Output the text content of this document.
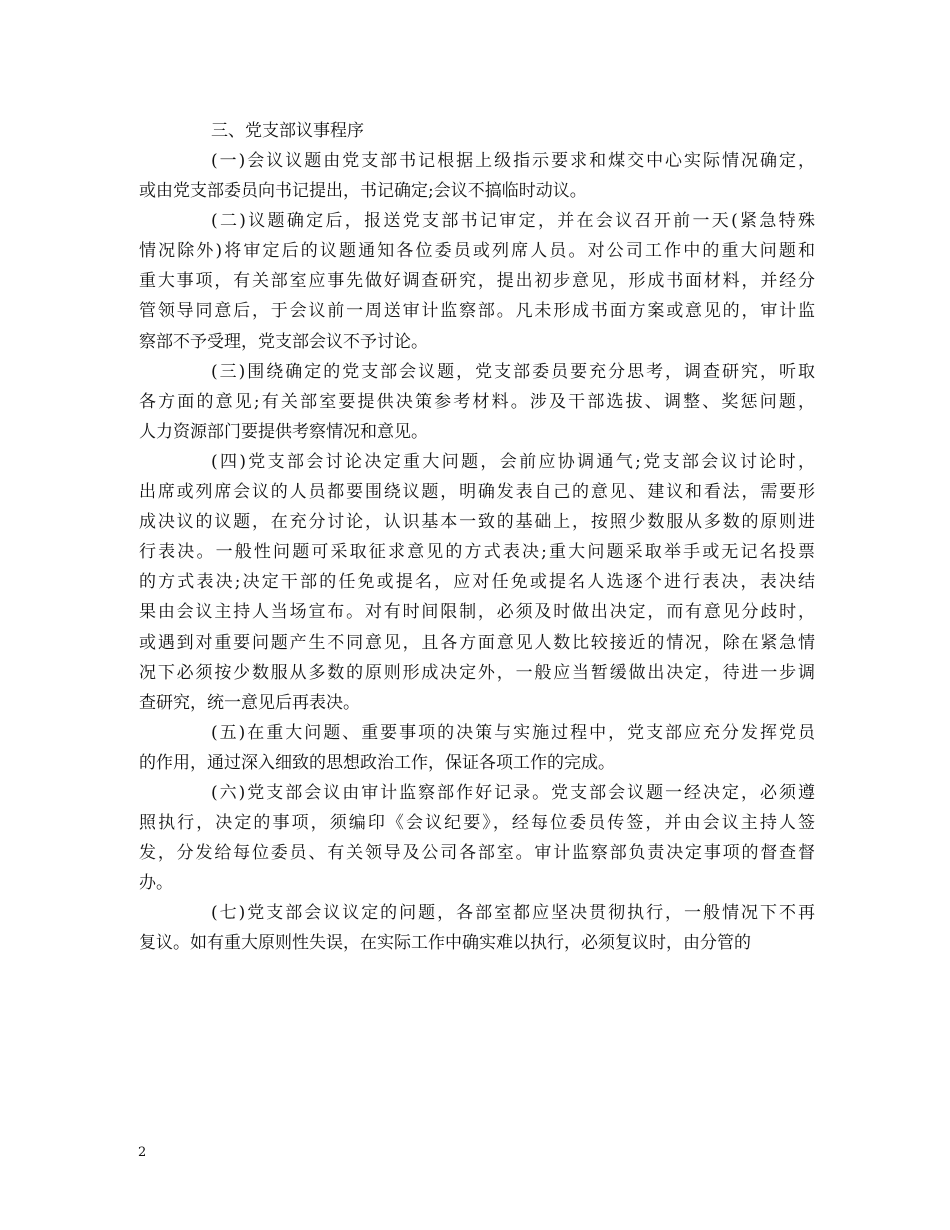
三、党支部议事程序

(一)会议议题由党支部书记根据上级指示要求和煤交中心实际情况确定，
或由党支部委员向书记提出，书记确定;会议不搞临时动议。

(二)议题确定后，报送党支部书记审定，并在会议召开前一天(紧急特殊
情况除外)将审定后的议题通知各位委员或列席人员。对公司工作中的重大问题和
重大事项，有关部室应事先做好调查研究，提出初步意见，形成书面材料，并经分
管领导同意后，于会议前一周送审计监察部。凡未形成书面方案或意见的，审计监
察部不予受理，党支部会议不予讨论。

(三)围绕确定的党支部会议题，党支部委员要充分思考，调查研究，听取
各方面的意见;有关部室要提供决策参考材料。涉及干部选拔、调整、奖惩问题，
人力资源部门要提供考察情况和意见。

(四)党支部会讨论决定重大问题，会前应协调通气;党支部会议讨论时，
出席或列席会议的人员都要围绕议题，明确发表自己的意见、建议和看法，需要形
成决议的议题，在充分讨论，认识基本一致的基础上，按照少数服从多数的原则进
行表决。一般性问题可采取征求意见的方式表决;重大问题采取举手或无记名投票
的方式表决;决定干部的任免或提名，应对任免或提名人选逐个进行表决，表决结
果由会议主持人当场宣布。对有时间限制，必须及时做出决定，而有意见分歧时，
或遇到对重要问题产生不同意见，且各方面意见人数比较接近的情况，除在紧急情
况下必须按少数服从多数的原则形成决定外，一般应当暂缓做出决定，待进一步调
查研究，统一意见后再表决。

(五)在重大问题、重要事项的决策与实施过程中，党支部应充分发挥党员
的作用，通过深入细致的思想政治工作，保证各项工作的完成。

(六)党支部会议由审计监察部作好记录。党支部会议题一经决定，必须遵
照执行，决定的事项，须编印《会议纪要》，经每位委员传签，并由会议主持人签
发，分发给每位委员、有关领导及公司各部室。审计监察部负责决定事项的督查督
办。

(七)党支部会议议定的问题，各部室都应坚决贯彻执行，一般情况下不再
复议。如有重大原则性失误，在实际工作中确实难以执行，必须复议时，由分管的

2
